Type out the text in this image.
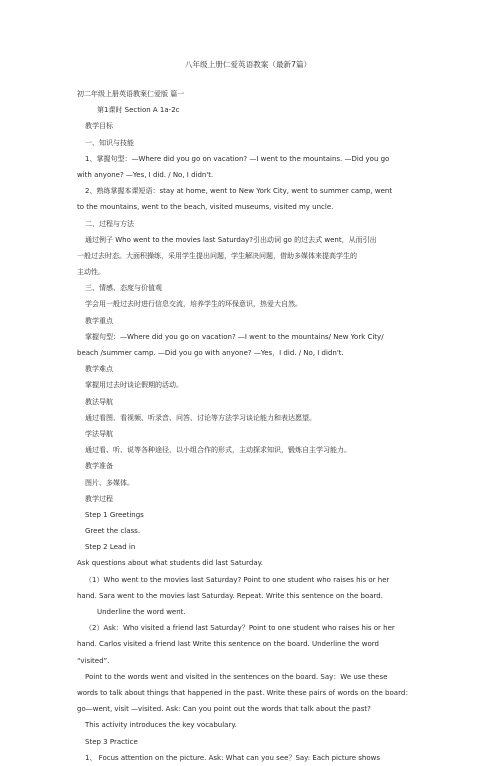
八年级上册仁爱英语教案（最新7篇）
初二年级上册英语教案仁爱版 篇一
第1课时 Section A 1a-2c
教学目标
一、知识与技能
1、掌握句型：—Where did you go on vacation? —I went to the mountains. —Did you go
with anyone? —Yes, I did. / No, I didn't.
2、熟练掌握本课短语：stay at home, went to New York City, went to summer camp, went
to the mountains, went to the beach, visited museums, visited my uncle.
二、过程与方法
通过例子 Who went to the movies last Saturday?引出动词 go 的过去式 went，从而引出
一般过去时态。大面积操练，采用学生提出问题，学生解决问题，借助多媒体来提高学生的
主动性。
三、情感、态度与价值观
学会用一般过去时进行信息交流，培养学生的环保意识，热爱大自然。
教学重点
掌握句型：—Where did you go on vacation? —I went to the mountains/ New York City/
beach /summer camp. —Did you go with anyone? —Yes，I did. / No, I didn't.
教学难点
掌握用过去时谈论假期的活动。
教法导航
通过看图、看视频、听录音、问答、讨论等方法学习谈论能力和表达愿望。
学法导航
通过看、听、说等各种途径，以小组合作的形式，主动探求知识，锻炼自主学习能力。
教学准备
图片、多媒体。
教学过程
Step 1 Greetings
Greet the class.
Step 2 Lead in
Ask questions about what students did last Saturday.
（1）Who went to the movies last Saturday? Point to one student who raises his or her
hand. Sara went to the movies last Saturday. Repeat. Write this sentence on the board.
Underline the word went.
（2）Ask：Who visited a friend last Saturday？Point to one student who raises his or her
hand. Carlos visited a friend last Write this sentence on the board. Underline the word
“visited”.
Point to the words went and visited in the sentences on the board. Say：We use these
words to talk about things that happened in the past. Write these pairs of words on the board：
go—went, visit —visited. Ask: Can you point out the words that talk about the past?
This activity introduces the key vocabulary.
Step 3 Practice
1、 Focus attention on the picture. Ask: What can you see？Say: Each picture shows
